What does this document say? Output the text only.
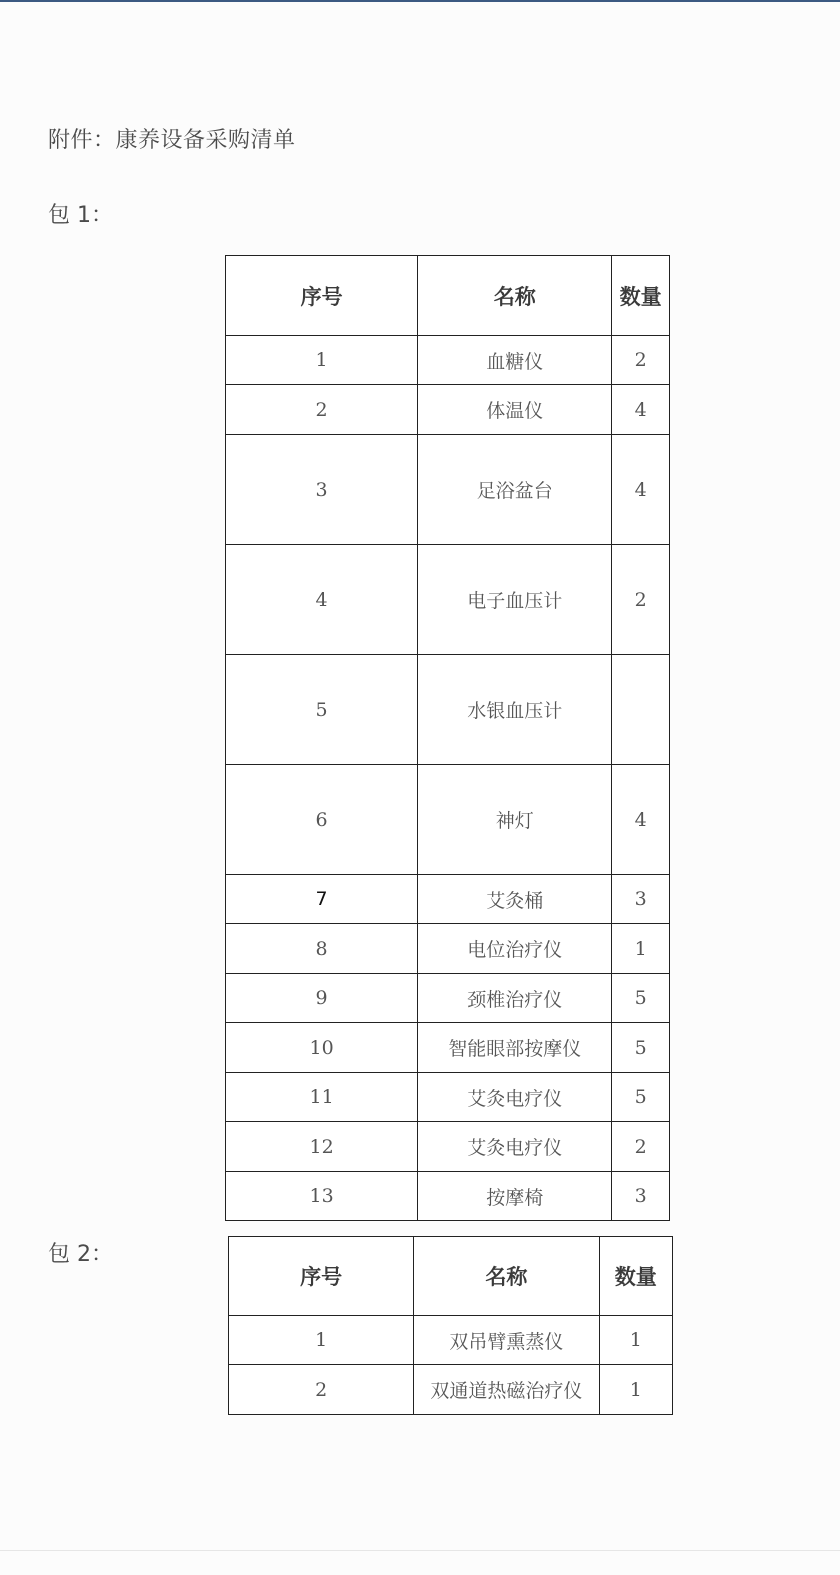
附件：康养设备采购清单
包 1：
序号	名称	数量
1	血糖仪	2
2	体温仪	4
3	足浴盆台	4
4	电子血压计	2
5	水银血压计	
6	神灯	4
7	艾灸桶	3
8	电位治疗仪	1
9	颈椎治疗仪	5
10	智能眼部按摩仪	5
11	艾灸电疗仪	5
12	艾灸电疗仪	2
13	按摩椅	3
包 2：
序号	名称	数量
1	双吊臂熏蒸仪	1
2	双通道热磁治疗仪	1
